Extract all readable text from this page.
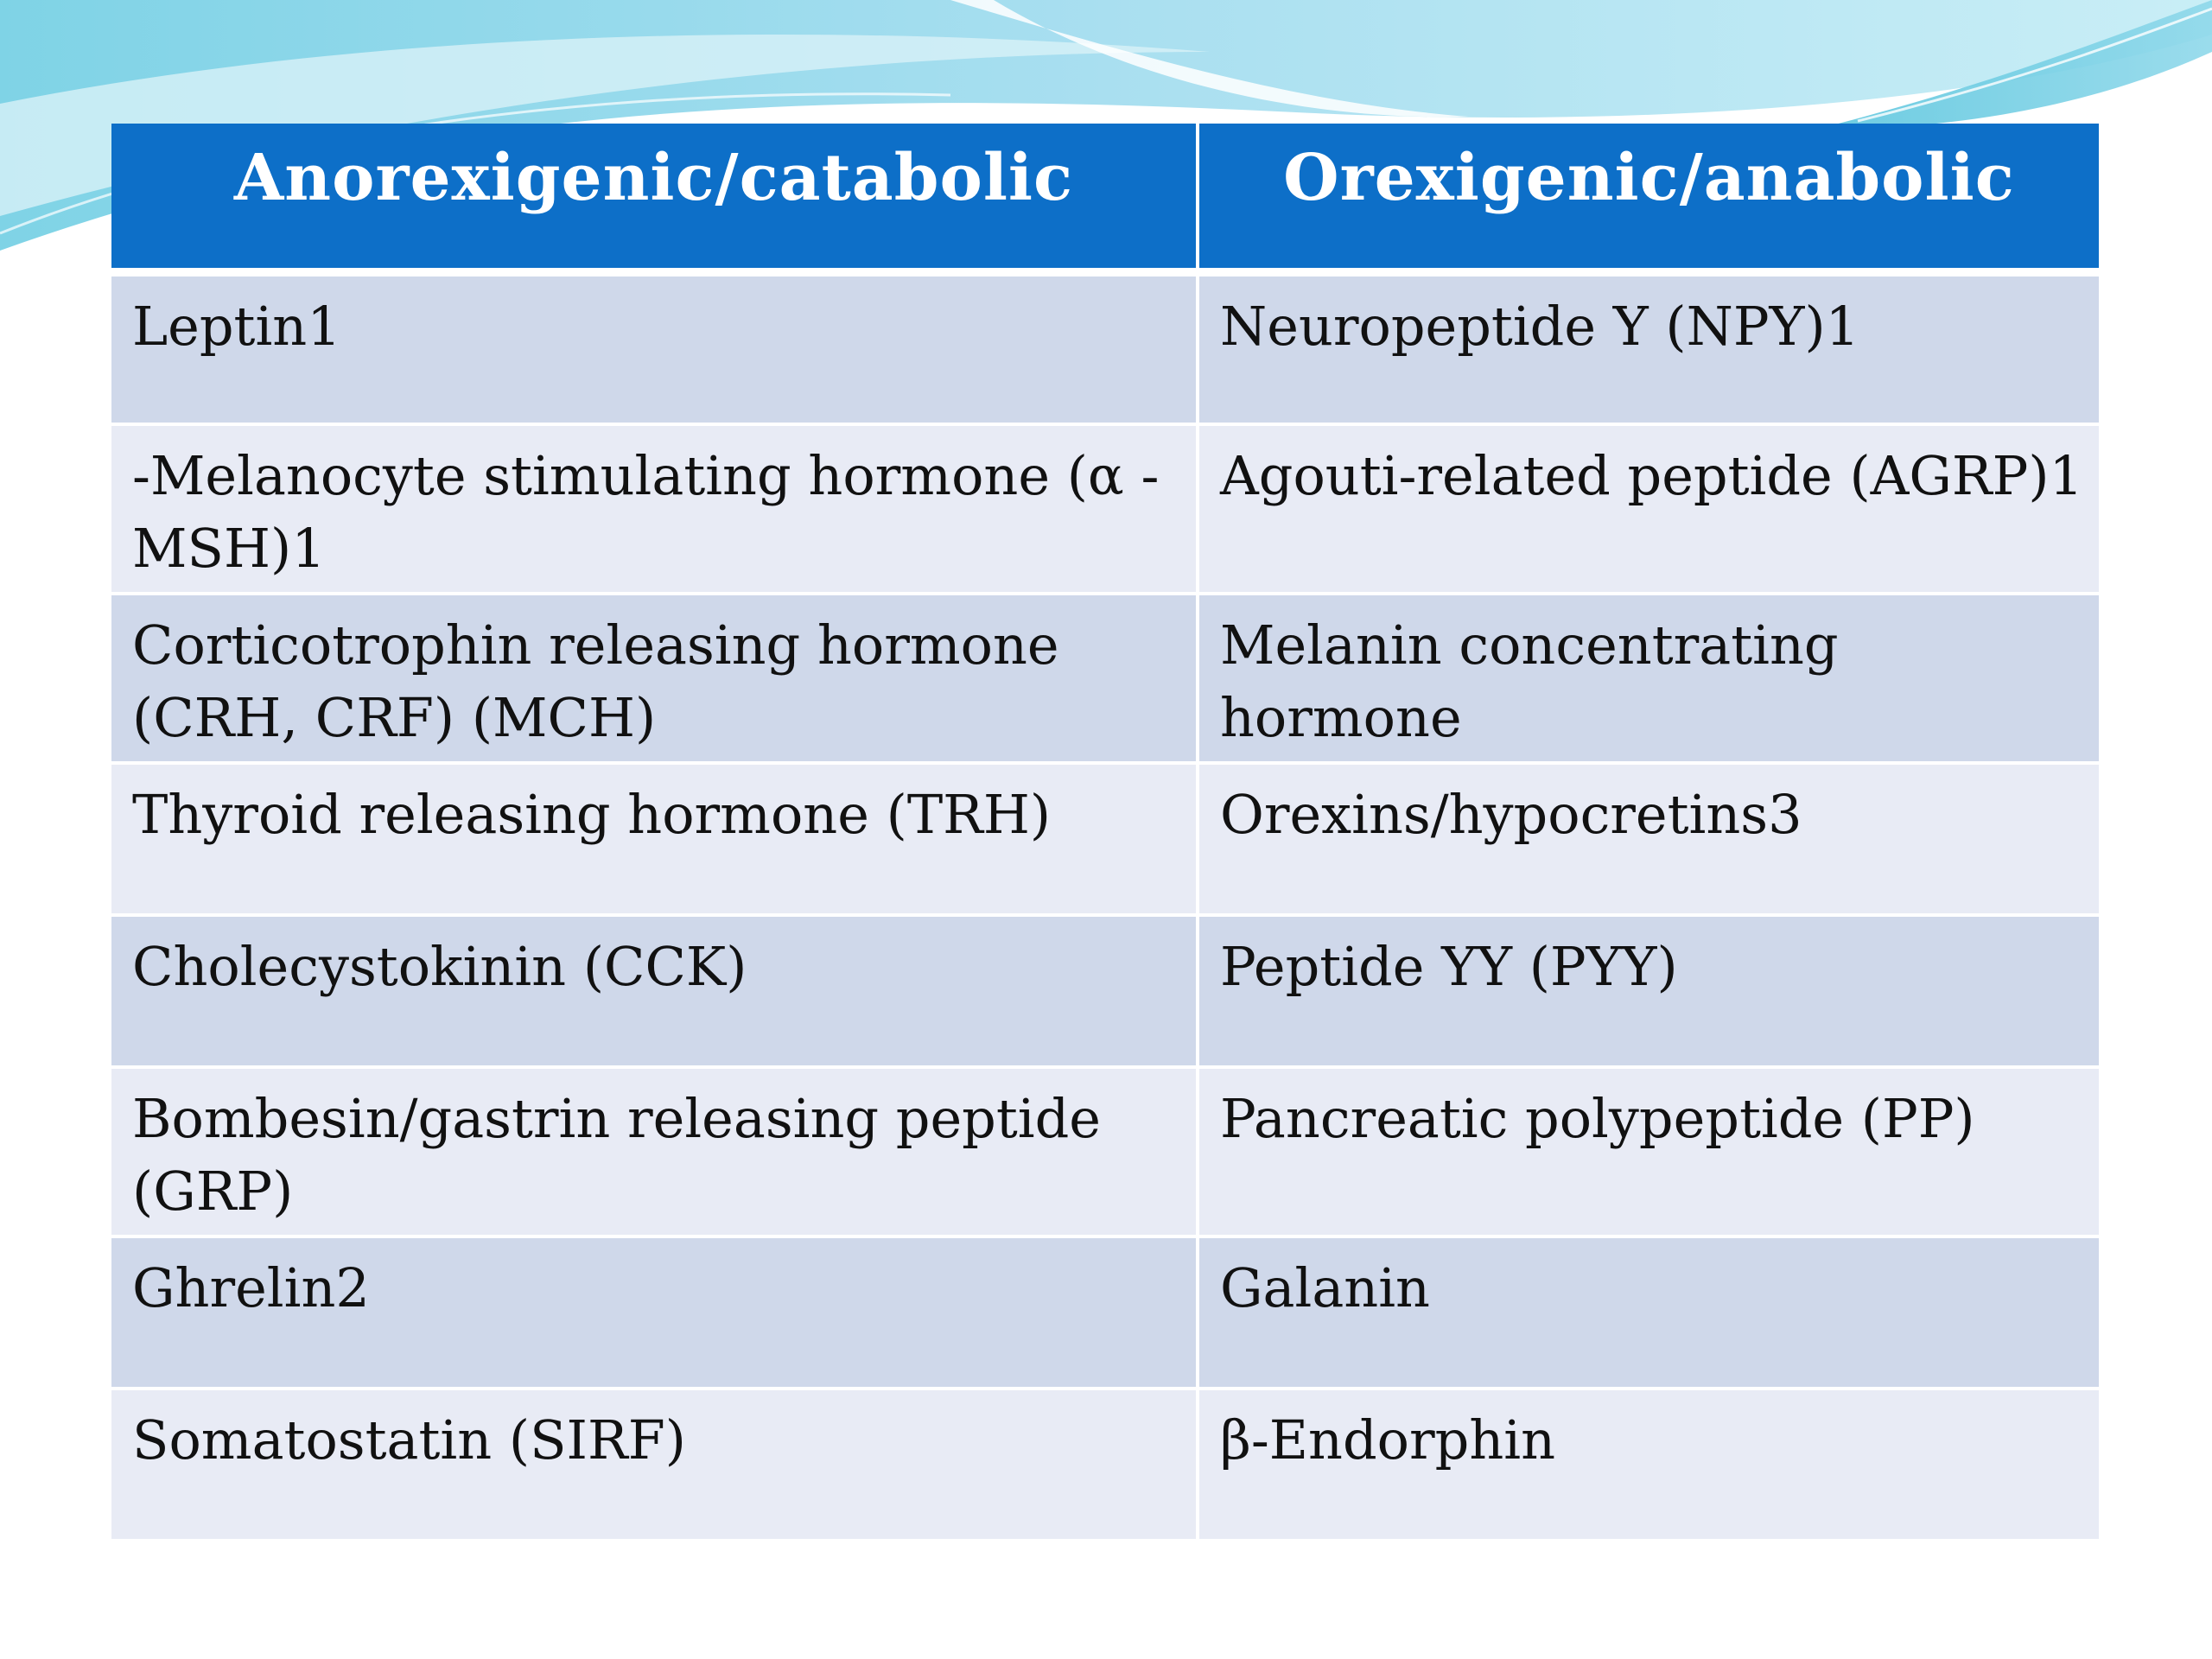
Anorexigenic/catabolic	Orexigenic/anabolic
Leptin1	Neuropeptide Y (NPY)1
-Melanocyte stimulating hormone (α - MSH)1	Agouti-related peptide (AGRP)1
Corticotrophin releasing hormone (CRH, CRF) (MCH)	Melanin concentrating hormone
Thyroid releasing hormone (TRH)	Orexins/hypocretins3
Cholecystokinin (CCK)	Peptide YY (PYY)
Bombesin/gastrin releasing peptide (GRP)	Pancreatic polypeptide (PP)
Ghrelin2	Galanin
Somatostatin (SIRF)	β-Endorphin
